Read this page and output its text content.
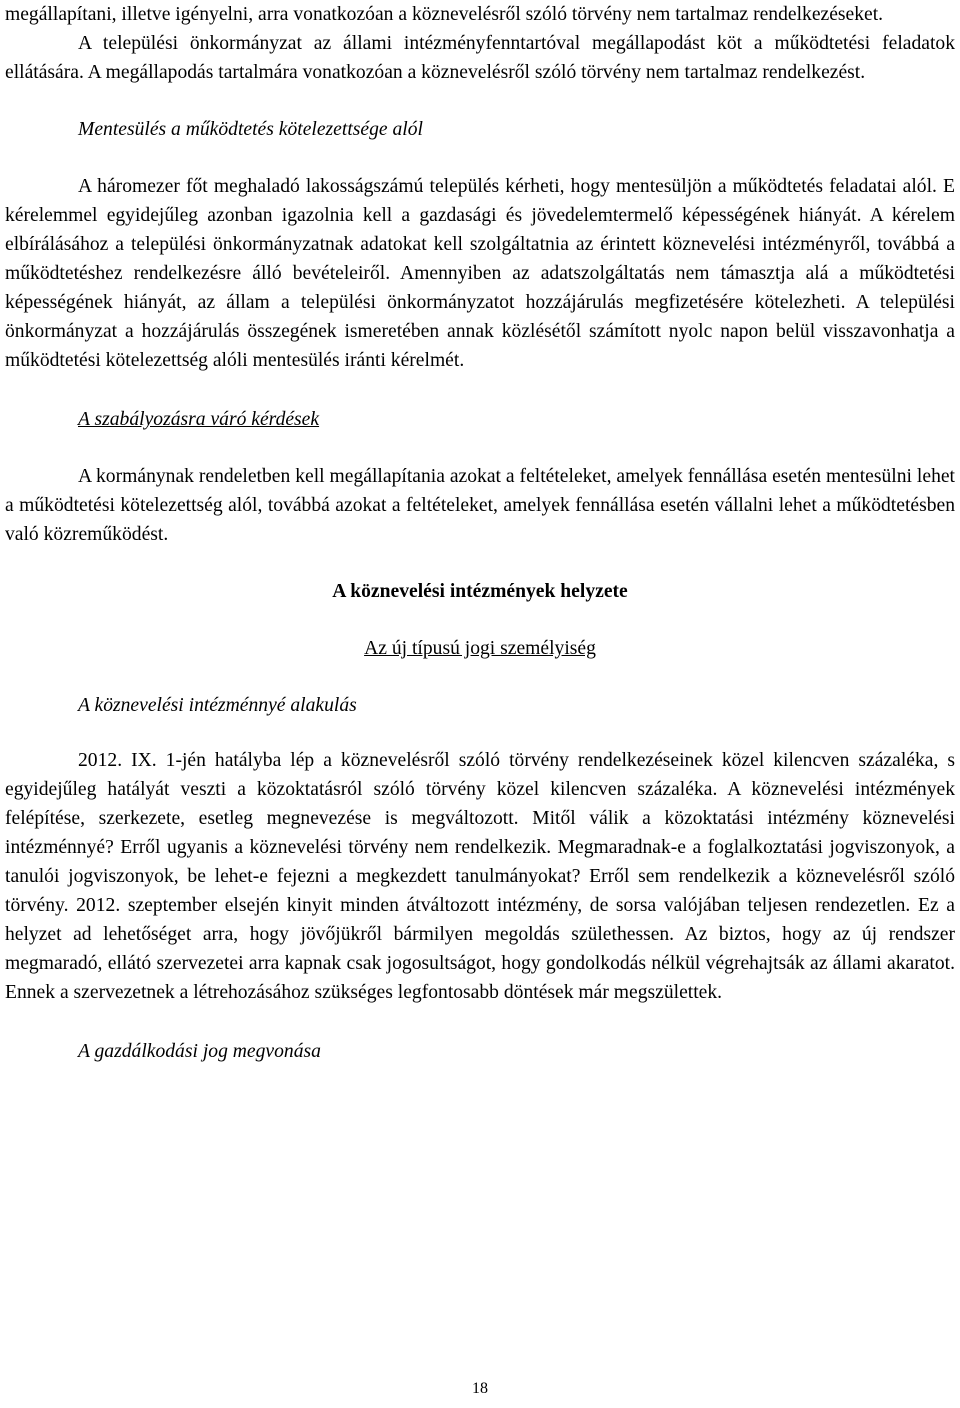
megállapítani, illetve igényelni, arra vonatkozóan a köznevelésről szóló törvény nem tartalmaz rendelkezéseket.

A települési önkormányzat az állami intézményfenntartóval megállapodást köt a működtetési feladatok ellátására. A megállapodás tartalmára vonatkozóan a köznevelésről szóló törvény nem tartalmaz rendelkezést.

Mentesülés a működtetés kötelezettsége alól

A háromezer főt meghaladó lakosságszámú település kérheti, hogy mentesüljön a működtetés feladatai alól. E kérelemmel egyidejűleg azonban igazolnia kell a gazdasági és jövedelemtermelő képességének hiányát. A kérelem elbírálásához a települési önkormányzatnak adatokat kell szolgáltatnia az érintett köznevelési intézményről, továbbá a működtetéshez rendelkezésre álló bevételeiről. Amennyiben az adatszolgáltatás nem támasztja alá a működtetési képességének hiányát, az állam a települési önkormányzatot hozzájárulás megfizetésére kötelezheti. A települési önkormányzat a hozzájárulás összegének ismeretében annak közlésétől számított nyolc napon belül visszavonhatja a működtetési kötelezettség alóli mentesülés iránti kérelmét.

A szabályozásra váró kérdések

A kormánynak rendeletben kell megállapítania azokat a feltételeket, amelyek fennállása esetén mentesülni lehet a működtetési kötelezettség alól, továbbá azokat a feltételeket, amelyek fennállása esetén vállalni lehet a működtetésben való közreműködést.

A köznevelési intézmények helyzete

Az új típusú jogi személyiség

A köznevelési intézménnyé alakulás

2012. IX. 1-jén hatályba lép a köznevelésről szóló törvény rendelkezéseinek közel kilencven százaléka, s egyidejűleg hatályát veszti a közoktatásról szóló törvény közel kilencven százaléka. A köznevelési intézmények felépítése, szerkezete, esetleg megnevezése is megváltozott. Mitől válik a közoktatási intézmény köznevelési intézménnyé? Erről ugyanis a köznevelési törvény nem rendelkezik. Megmaradnak-e a foglalkoztatási jogviszonyok, a tanulói jogviszonyok, be lehet-e fejezni a megkezdett tanulmányokat? Erről sem rendelkezik a köznevelésről szóló törvény. 2012. szeptember elsején kinyit minden átváltozott intézmény, de sorsa valójában teljesen rendezetlen. Ez a helyzet ad lehetőséget arra, hogy jövőjükről bármilyen megoldás születhessen. Az biztos, hogy az új rendszer megmaradó, ellátó szervezetei arra kapnak csak jogosultságot, hogy gondolkodás nélkül végrehajtsák az állami akaratot. Ennek a szervezetnek a létrehozásához szükséges legfontosabb döntések már megszülettek.

A gazdálkodási jog megvonása

18
